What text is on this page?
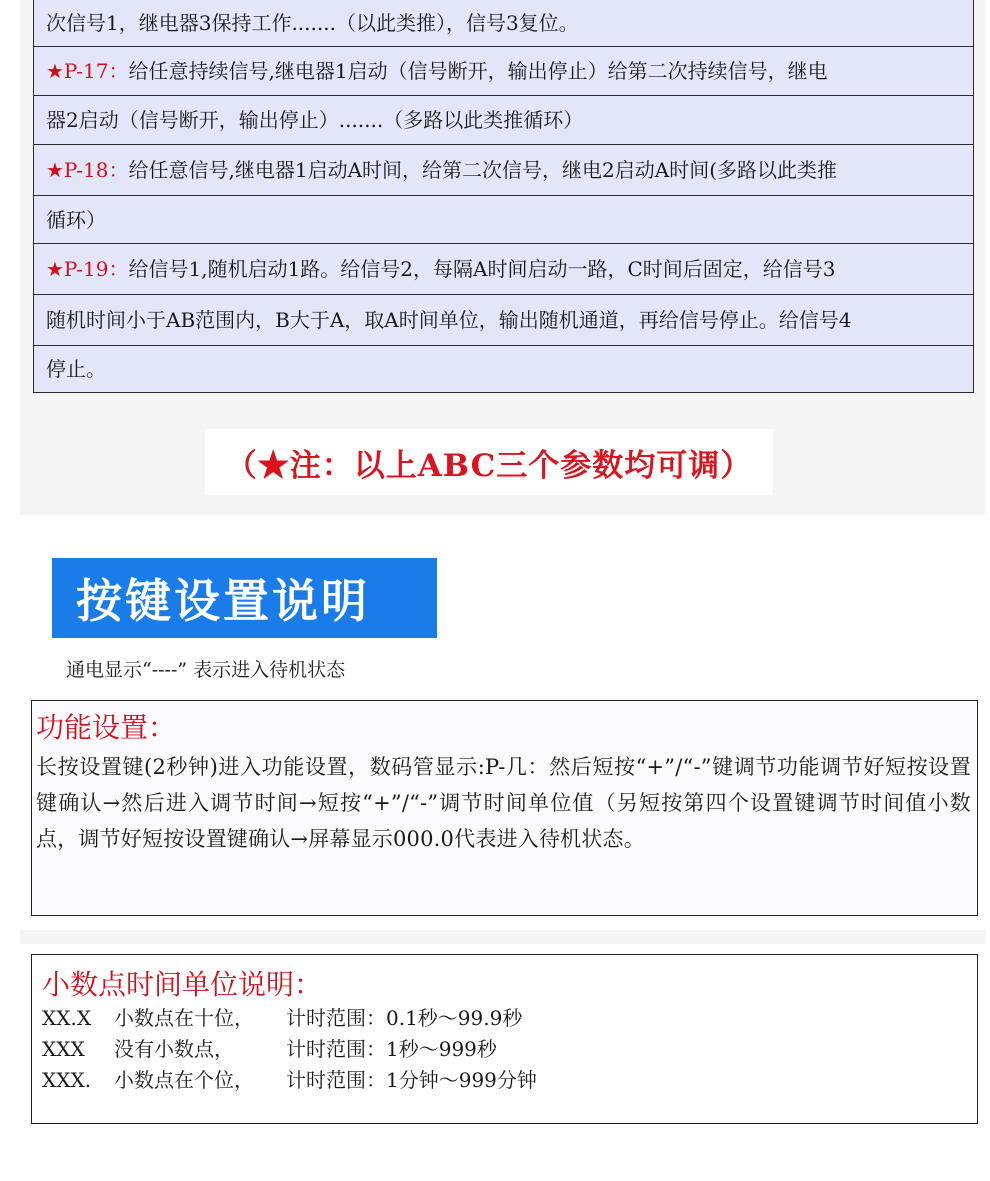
次信号1，继电器3保持工作.......（以此类推），信号3复位。
★P-17： 给任意持续信号,继电器1启动（信号断开，输出停止）给第二次持续信号，继电
器2启动（信号断开，输出停止）.......（多路以此类推循环）
★P-18： 给任意信号,继电器1启动A时间，给第二次信号，继电2启动A时间(多路以此类推
循环）
★P-19： 给信号1,随机启动1路。给信号2，每隔A时间启动一路，C时间后固定，给信号3
随机时间小于AB范围内，B大于A，取A时间单位，输出随机通道，再给信号停止。给信号4
停止。
（★注：以上ABC三个参数均可调）
按键设置说明
通电显示“----” 表示进入待机状态
功能设置：
长按设置键(2秒钟)进入功能设置，数码管显示:P-几：然后短按“+”/“-”键调节功能调节好短按设置键确认→然后进入调节时间→短按“+”/“-”调节时间单位值（另短按第四个设置键调节时间值小数点，调节好短按设置键确认→屏幕显示000.0代表进入待机状态。
小数点时间单位说明：
XX.X	小数点在十位，	计时范围：0.1秒～99.9秒
XXX	没有小数点，	计时范围：1秒～999秒
XXX.	小数点在个位，	计时范围：1分钟～999分钟
